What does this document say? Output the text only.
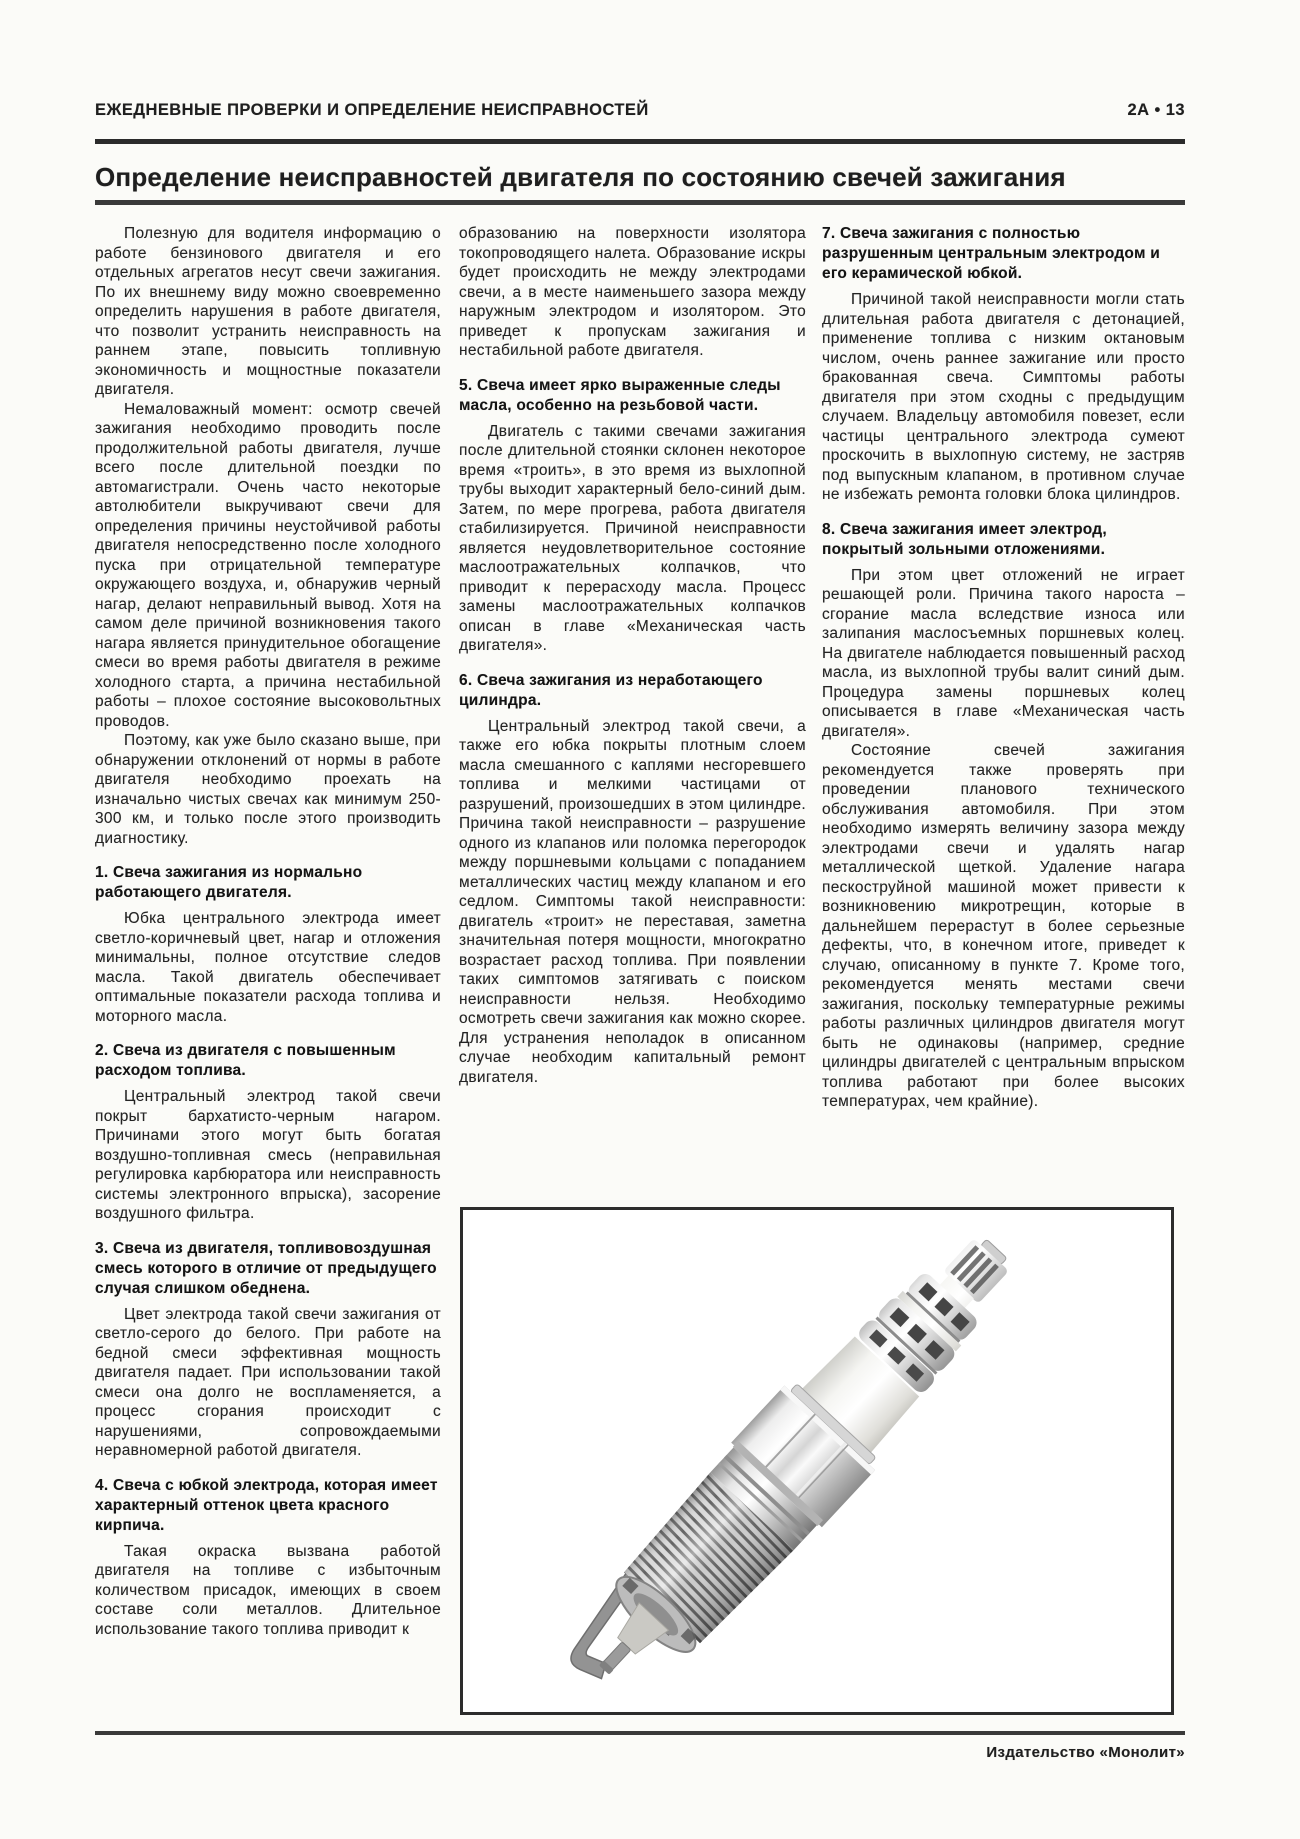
ЕЖЕДНЕВНЫЕ ПРОВЕРКИ И ОПРЕДЕЛЕНИЕ НЕИСПРАВНОСТЕЙ	2А • 13
Определение неисправностей двигателя по состоянию свечей зажигания

Полезную для водителя информацию о работе бензинового двигателя и его отдельных агрегатов несут свечи зажигания. По их внешнему виду можно своевременно определить нарушения в работе двигателя, что позволит устранить неисправность на раннем этапе, повысить топливную экономичность и мощностные показатели двигателя.

Немаловажный момент: осмотр свечей зажигания необходимо проводить после продолжительной работы двигателя, лучше всего после длительной поездки по автомагистрали. Очень часто некоторые автолюбители выкручивают свечи для определения причины неустойчивой работы двигателя непосредственно после холодного пуска при отрицательной температуре окружающего воздуха, и, обнаружив черный нагар, делают неправильный вывод. Хотя на самом деле причиной возникновения такого нагара является принудительное обогащение смеси во время работы двигателя в режиме холодного старта, а причина нестабильной работы – плохое состояние высоковольтных проводов.

Поэтому, как уже было сказано выше, при обнаружении отклонений от нормы в работе двигателя необходимо проехать на изначально чистых свечах как минимум 250-300 км, и только после этого производить диагностику.

1. Свеча зажигания из нормально работающего двигателя.

Юбка центрального электрода имеет светло-коричневый цвет, нагар и отложения минимальны, полное отсутствие следов масла. Такой двигатель обеспечивает оптимальные показатели расхода топлива и моторного масла.

2. Свеча из двигателя с повышенным расходом топлива.

Центральный электрод такой свечи покрыт бархатисто-черным нагаром. Причинами этого могут быть богатая воздушно-топливная смесь (неправильная регулировка карбюратора или неисправность системы электронного впрыска), засорение воздушного фильтра.

3. Свеча из двигателя, топливовоздушная смесь которого в отличие от предыдущего случая слишком обеднена.

Цвет электрода такой свечи зажигания от светло-серого до белого. При работе на бедной смеси эффективная мощность двигателя падает. При использовании такой смеси она долго не воспламеняется, а процесс сгорания происходит с нарушениями, сопровождаемыми неравномерной работой двигателя.

4. Свеча с юбкой электрода, которая имеет характерный оттенок цвета красного кирпича.

Такая окраска вызвана работой двигателя на топливе с избыточным количеством присадок, имеющих в своем составе соли металлов. Длительное использование такого топлива приводит к

образованию на поверхности изолятора токопроводящего налета. Образование искры будет происходить не между электродами свечи, а в месте наименьшего зазора между наружным электродом и изолятором. Это приведет к пропускам зажигания и нестабильной работе двигателя.

5. Свеча имеет ярко выраженные следы масла, особенно на резьбовой части.

Двигатель с такими свечами зажигания после длительной стоянки склонен некоторое время «троить», в это время из выхлопной трубы выходит характерный бело-синий дым. Затем, по мере прогрева, работа двигателя стабилизируется. Причиной неисправности является неудовлетворительное состояние маслоотражательных колпачков, что приводит к перерасходу масла. Процесс замены маслоотражательных колпачков описан в главе «Механическая часть двигателя».

6. Свеча зажигания из неработающего цилиндра.

Центральный электрод такой свечи, а также его юбка покрыты плотным слоем масла смешанного с каплями несгоревшего топлива и мелкими частицами от разрушений, произошедших в этом цилиндре. Причина такой неисправности – разрушение одного из клапанов или поломка перегородок между поршневыми кольцами с попаданием металлических частиц между клапаном и его седлом. Симптомы такой неисправности: двигатель «троит» не переставая, заметна значительная потеря мощности, многократно возрастает расход топлива. При появлении таких симптомов затягивать с поиском неисправности нельзя. Необходимо осмотреть свечи зажигания как можно скорее. Для устранения неполадок в описанном случае необходим капитальный ремонт двигателя.

7. Свеча зажигания с полностью разрушенным центральным электродом и его керамической юбкой.

Причиной такой неисправности могли стать длительная работа двигателя с детонацией, применение топлива с низким октановым числом, очень раннее зажигание или просто бракованная свеча. Симптомы работы двигателя при этом сходны с предыдущим случаем. Владельцу автомобиля повезет, если частицы центрального электрода сумеют проскочить в выхлопную систему, не застряв под выпускным клапаном, в противном случае не избежать ремонта головки блока цилиндров.

8. Свеча зажигания имеет электрод, покрытый зольными отложениями.

При этом цвет отложений не играет решающей роли. Причина такого нароста – сгорание масла вследствие износа или залипания маслосъемных поршневых колец. На двигателе наблюдается повышенный расход масла, из выхлопной трубы валит синий дым. Процедура замены поршневых колец описывается в главе «Механическая часть двигателя».

Состояние свечей зажигания рекомендуется также проверять при проведении планового технического обслуживания автомобиля. При этом необходимо измерять величину зазора между электродами свечи и удалять нагар металлической щеткой. Удаление нагара пескоструйной машиной может привести к возникновению микротрещин, которые в дальнейшем перерастут в более серьезные дефекты, что, в конечном итоге, приведет к случаю, описанному в пункте 7. Кроме того, рекомендуется менять местами свечи зажигания, поскольку температурные режимы работы различных цилиндров двигателя могут быть не одинаковы (например, средние цилиндры двигателей с центральным впрыском топлива работают при более высоких температурах, чем крайние).

Издательство «Монолит»
